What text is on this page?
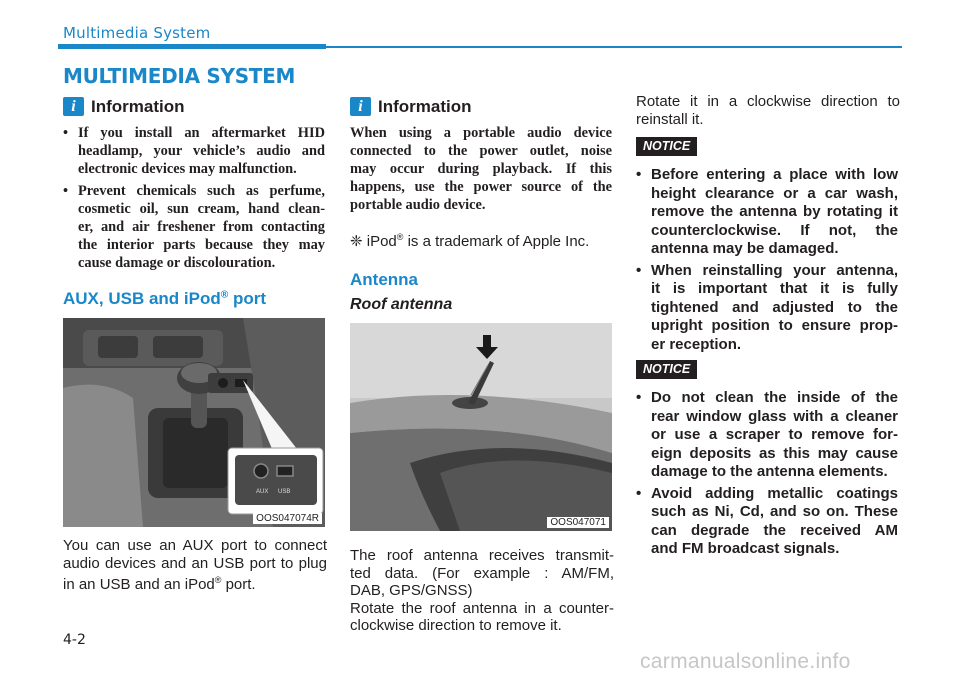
Multimedia System
MULTIMEDIA SYSTEM
i Information
• If you install an aftermarket HID
headlamp, your vehicle’s audio and
electronic devices may malfunction.
• Prevent chemicals such as perfume,
cosmetic oil, sun cream, hand clean-
er, and air freshener from contacting
the interior parts because they may
cause damage or discolouration.
AUX, USB and iPod® port
AUX USB
OOS047074R
You can use an AUX port to connect
audio devices and an USB port to plug
in an USB and an iPod® port.
i Information
When using a portable audio device
connected to the power outlet, noise
may occur during playback. If this
happens, use the power source of the
portable audio device.
❈ iPod® is a trademark of Apple Inc.
Antenna
Roof antenna
OOS047071
The roof antenna receives transmit-
ted data. (For example : AM/FM,
DAB, GPS/GNSS)
Rotate the roof antenna in a counter-
clockwise direction to remove it.
Rotate it in a clockwise direction to
reinstall it.
NOTICE
• Before entering a place with low
height clearance or a car wash,
remove the antenna by rotating it
counterclockwise. If not, the
antenna may be damaged.
• When reinstalling your antenna,
it is important that it is fully
tightened and adjusted to the
upright position to ensure prop-
er reception.
NOTICE
• Do not clean the inside of the
rear window glass with a cleaner
or use a scraper to remove for-
eign deposits as this may cause
damage to the antenna elements.
• Avoid adding metallic coatings
such as Ni, Cd, and so on. These
can degrade the received AM
and FM broadcast signals.
4-2
carmanualsonline.info
